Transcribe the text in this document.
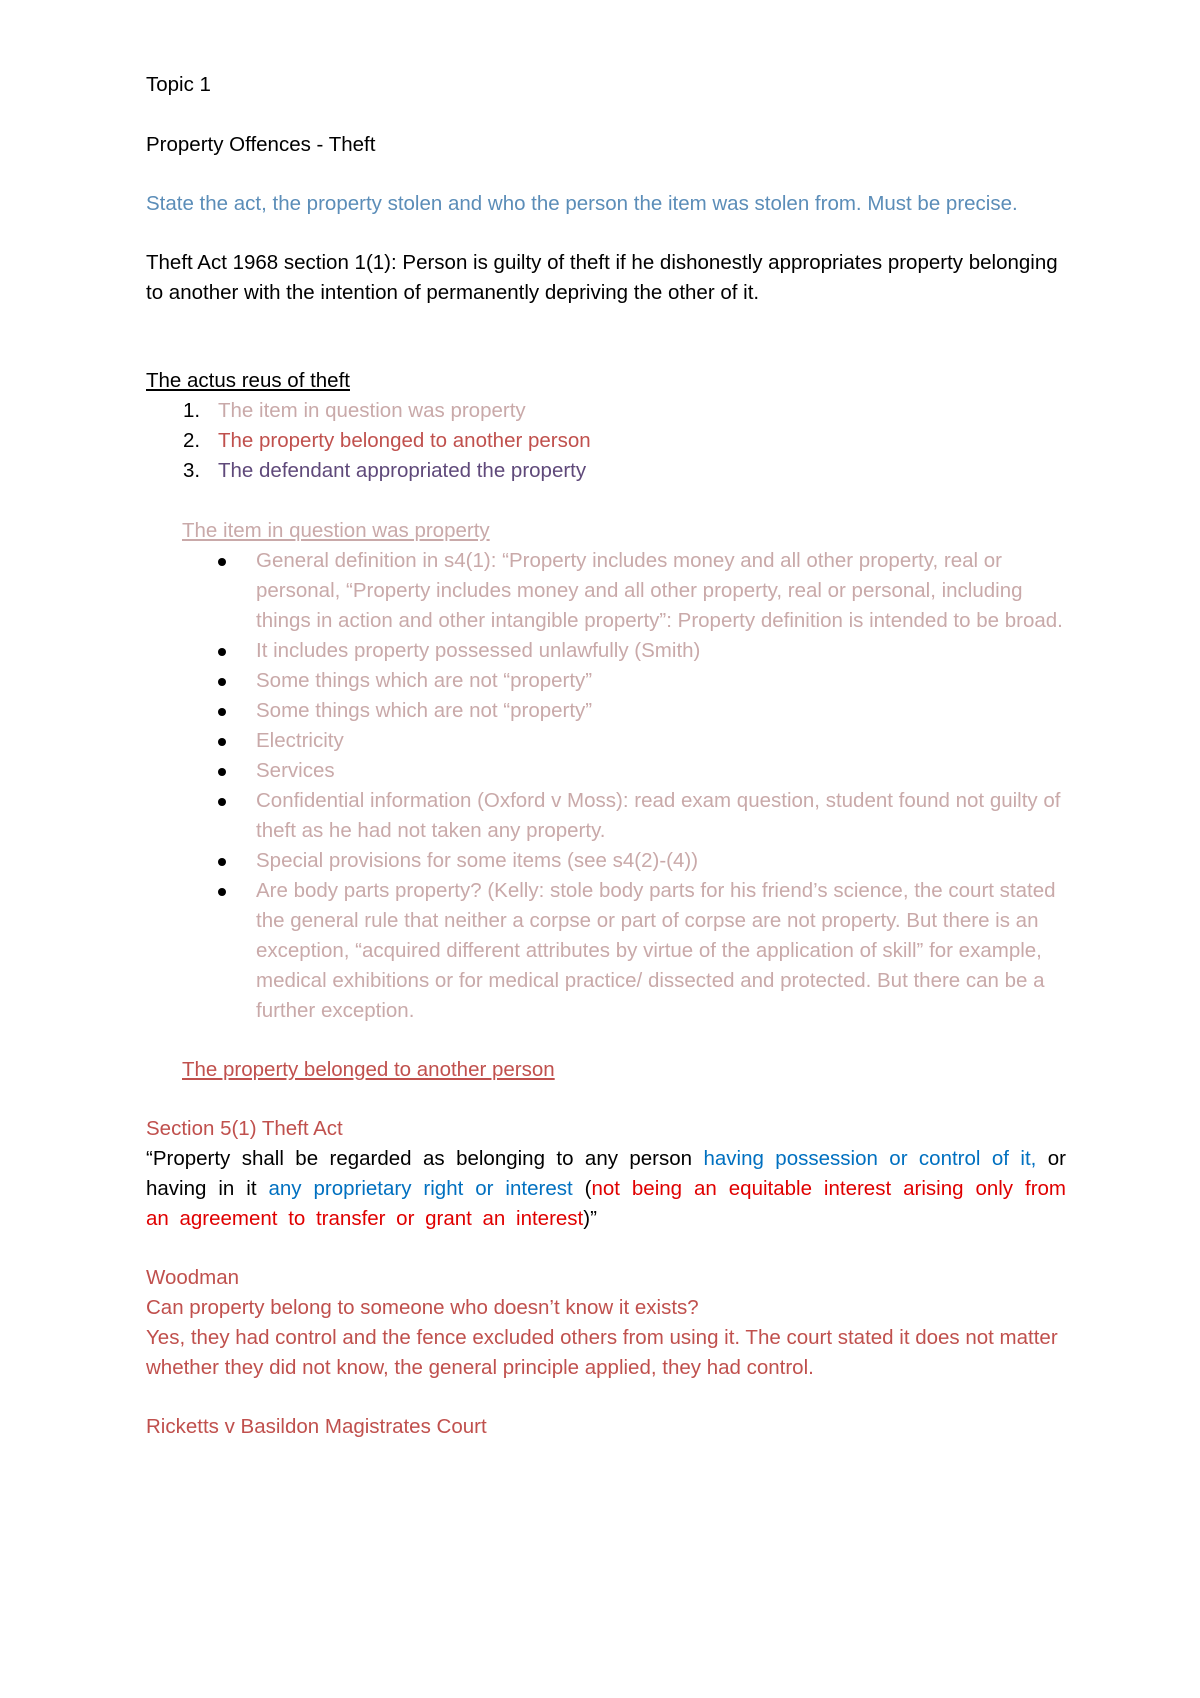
Topic 1

Property Offences - Theft

State the act, the property stolen and who the person the item was stolen from. Must be precise.

Theft Act 1968 section 1(1): Person is guilty of theft if he dishonestly appropriates property belonging to another with the intention of permanently depriving the other of it.

The actus reus of theft

1. The item in question was property
2. The property belonged to another person
3. The defendant appropriated the property

The item in question was property

General definition in s4(1): “Property includes money and all other property, real or personal, “Property includes money and all other property, real or personal, including things in action and other intangible property”: Property definition is intended to be broad.
It includes property possessed unlawfully (Smith)
Some things which are not “property”
Some things which are not “property”
Electricity
Services
Confidential information (Oxford v Moss): read exam question, student found not guilty of theft as he had not taken any property.
Special provisions for some items (see s4(2)-(4))
Are body parts property? (Kelly: stole body parts for his friend’s science, the court stated the general rule that neither a corpse or part of corpse are not property. But there is an exception, “acquired different attributes by virtue of the application of skill” for example, medical exhibitions or for medical practice/ dissected and protected. But there can be a further exception.

The property belonged to another person

Section 5(1) Theft Act

“Property shall be regarded as belonging to any person having possession or control of it, or having in it any proprietary right or interest (not being an equitable interest arising only from an agreement to transfer or grant an interest)”

Woodman

Can property belong to someone who doesn’t know it exists?

Yes, they had control and the fence excluded others from using it. The court stated it does not matter whether they did not know, the general principle applied, they had control.

Ricketts v Basildon Magistrates Court
